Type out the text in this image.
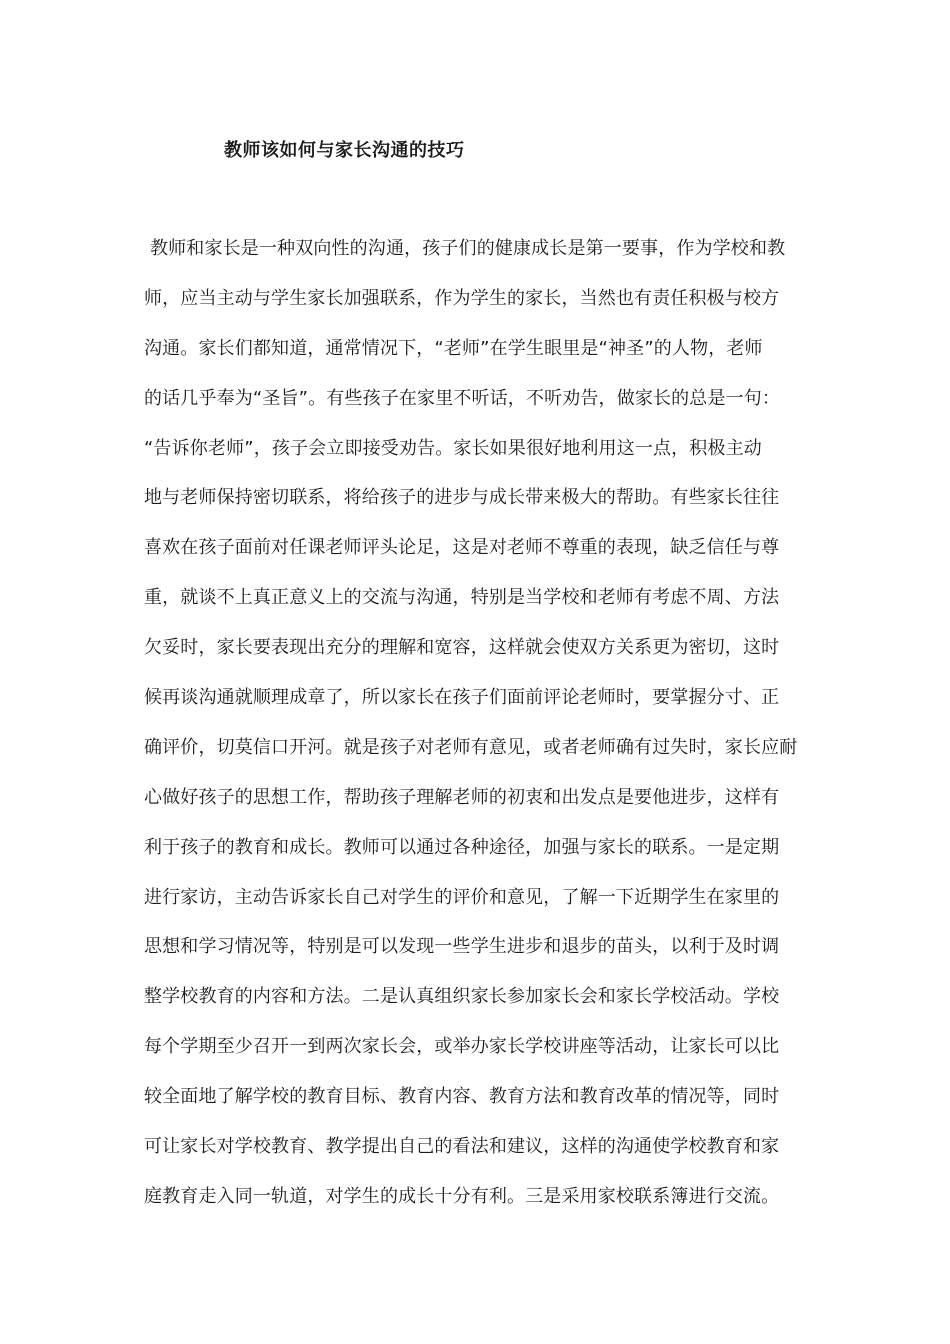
教师该如何与家长沟通的技巧
教师和家长是一种双向性的沟通，孩子们的健康成长是第一要事，作为学校和教
师，应当主动与学生家长加强联系，作为学生的家长，当然也有责任积极与校方
沟通。家长们都知道，通常情况下，“老师”在学生眼里是“神圣”的人物，老师
的话几乎奉为“圣旨”。有些孩子在家里不听话，不听劝告，做家长的总是一句：
“告诉你老师”，孩子会立即接受劝告。家长如果很好地利用这一点，积极主动
地与老师保持密切联系，将给孩子的进步与成长带来极大的帮助。有些家长往往
喜欢在孩子面前对任课老师评头论足，这是对老师不尊重的表现，缺乏信任与尊
重，就谈不上真正意义上的交流与沟通，特别是当学校和老师有考虑不周、方法
欠妥时，家长要表现出充分的理解和宽容，这样就会使双方关系更为密切，这时
候再谈沟通就顺理成章了，所以家长在孩子们面前评论老师时，要掌握分寸、正
确评价，切莫信口开河。就是孩子对老师有意见，或者老师确有过失时，家长应耐
心做好孩子的思想工作，帮助孩子理解老师的初衷和出发点是要他进步，这样有
利于孩子的教育和成长。教师可以通过各种途径，加强与家长的联系。一是定期
进行家访，主动告诉家长自己对学生的评价和意见，了解一下近期学生在家里的
思想和学习情况等，特别是可以发现一些学生进步和退步的苗头，以利于及时调
整学校教育的内容和方法。二是认真组织家长参加家长会和家长学校活动。学校
每个学期至少召开一到两次家长会，或举办家长学校讲座等活动，让家长可以比
较全面地了解学校的教育目标、教育内容、教育方法和教育改革的情况等，同时
可让家长对学校教育、教学提出自己的看法和建议，这样的沟通使学校教育和家
庭教育走入同一轨道，对学生的成长十分有利。三是采用家校联系簿进行交流。
